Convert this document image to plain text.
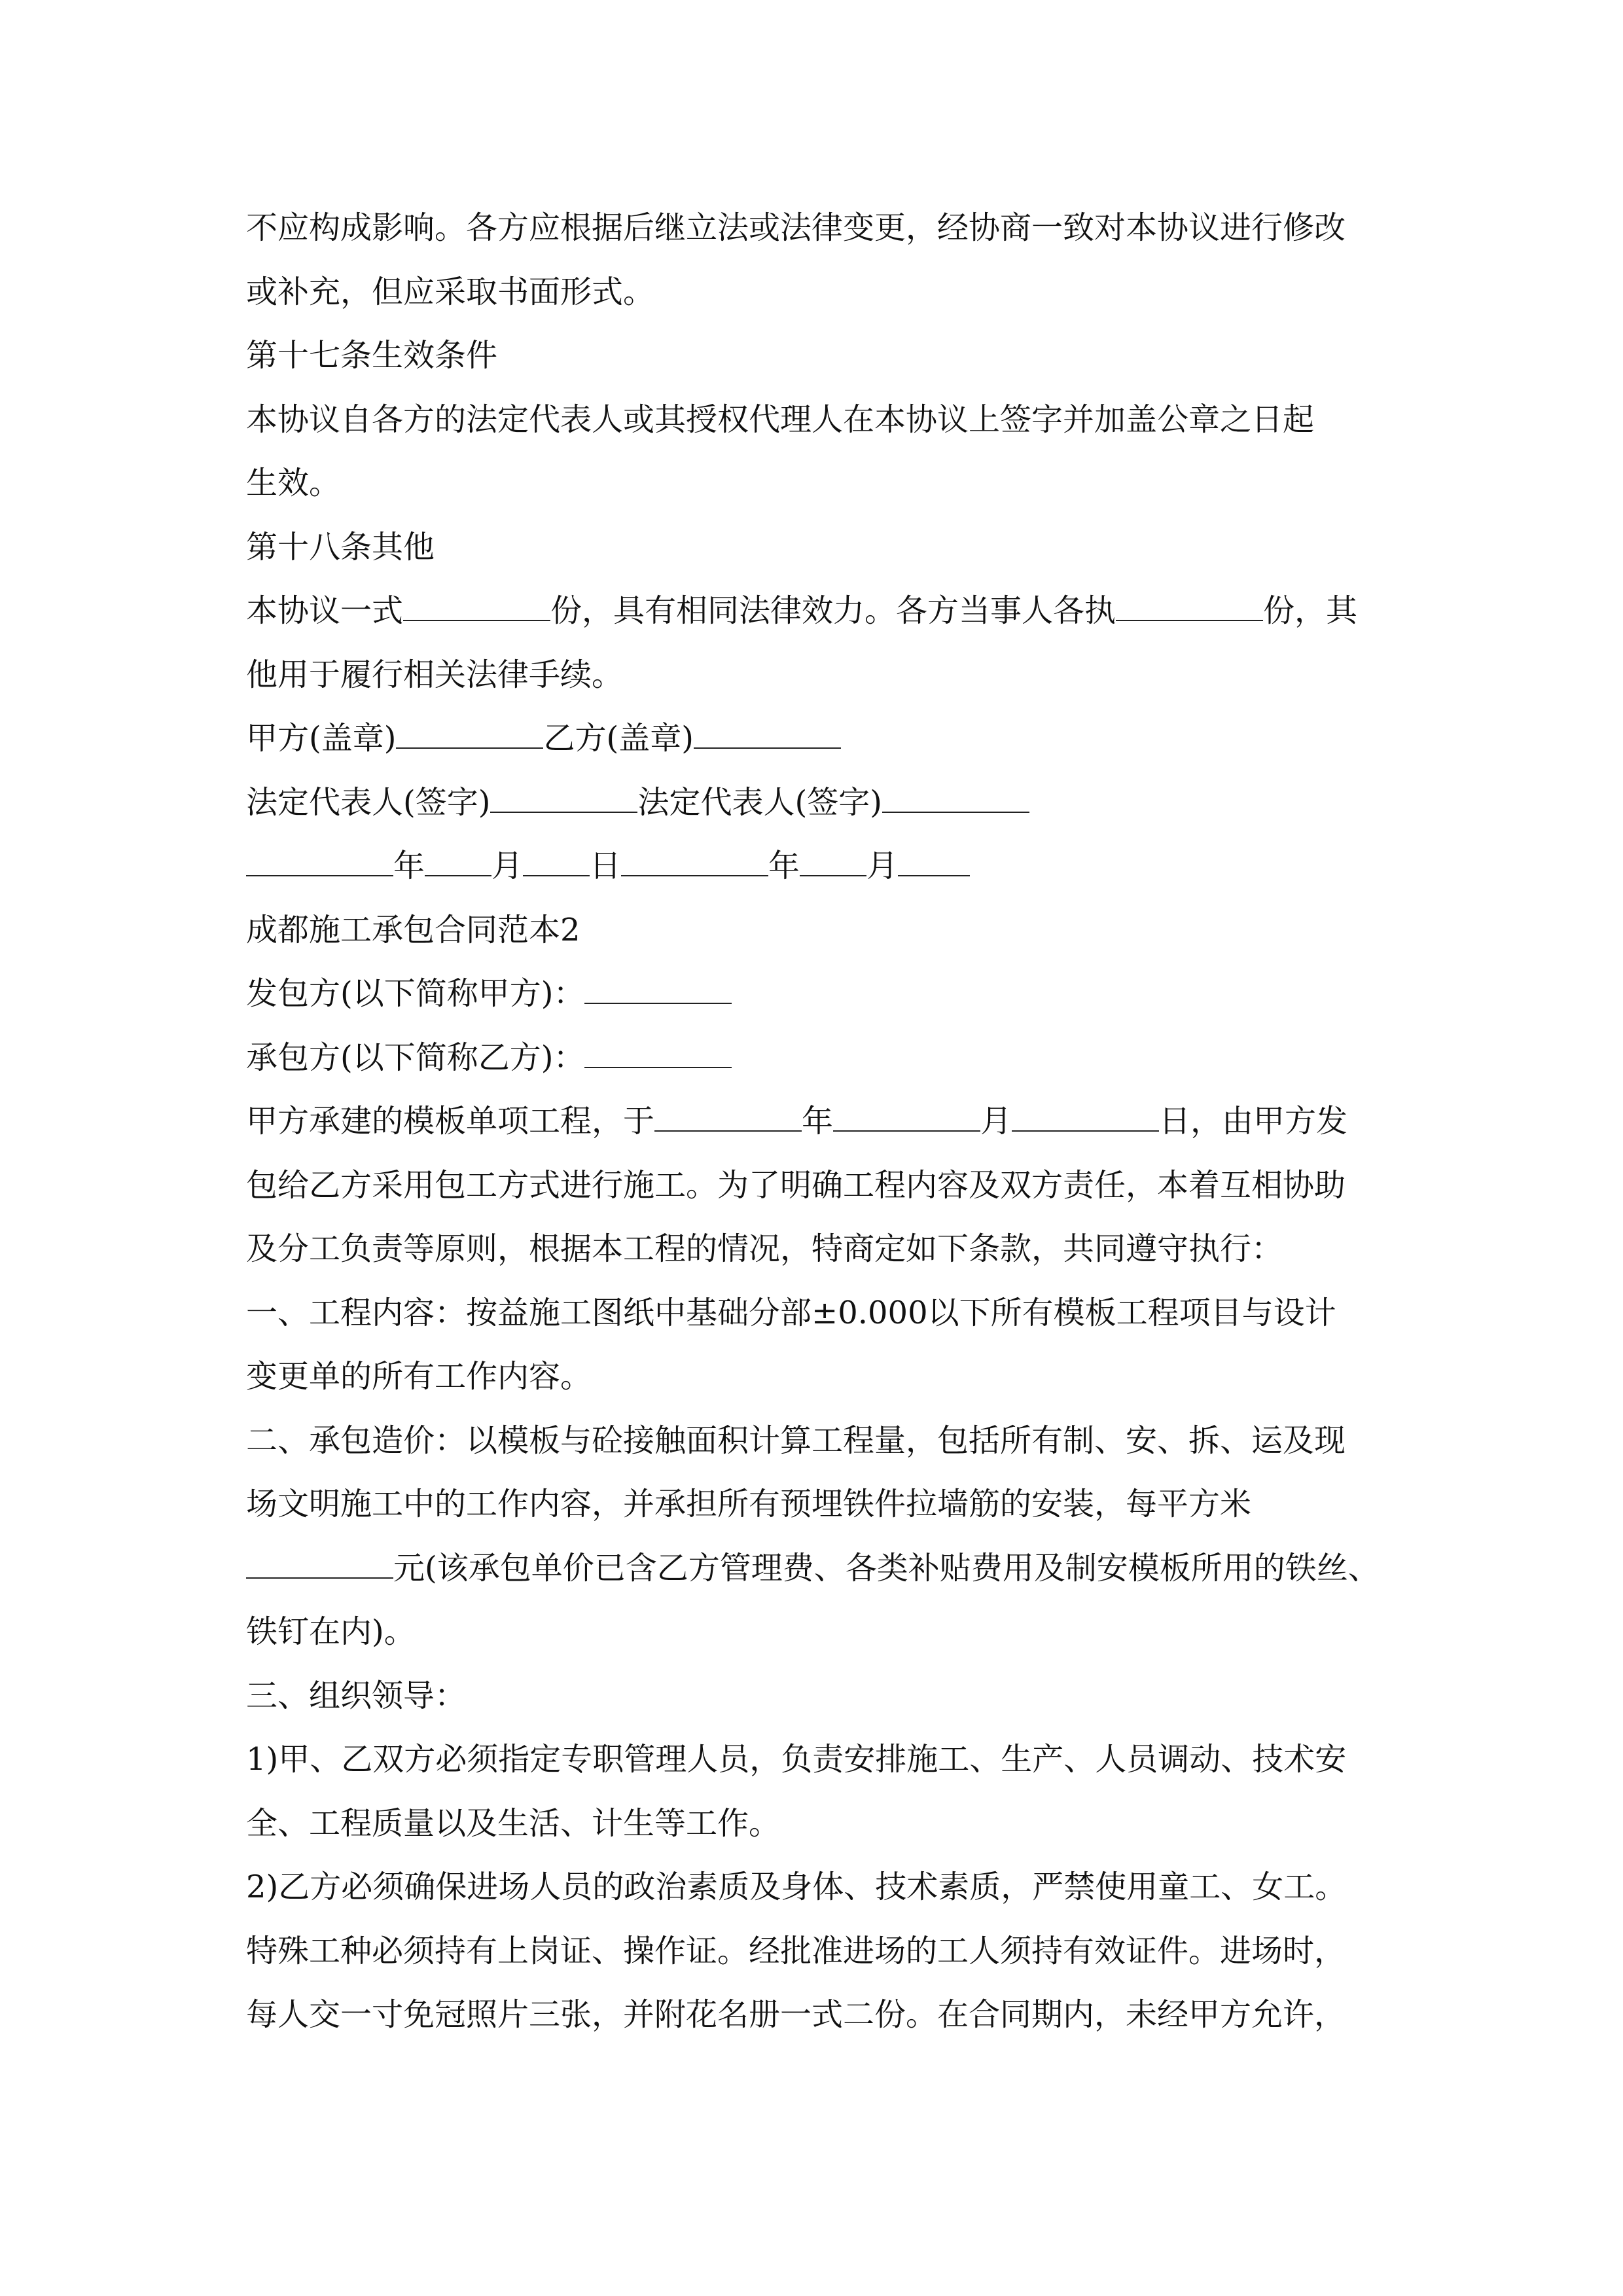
不应构成影响。各方应根据后继立法或法律变更，经协商一致对本协议进行修改
或补充，但应采取书面形式。
第十七条生效条件
本协议自各方的法定代表人或其授权代理人在本协议上签字并加盖公章之日起
生效。
第十八条其他
本协议一式	份，具有相同法律效力。各方当事人各执	份，其
他用于履行相关法律手续。
甲方(盖章)	乙方(盖章)
法定代表人(签字)	法定代表人(签字)
年 月 日	年 月
成都施工承包合同范本2
发包方(以下简称甲方)：
承包方(以下简称乙方)：
甲方承建的模板单项工程，于	年	月	日，由甲方发
包给乙方采用包工方式进行施工。为了明确工程内容及双方责任，本着互相协助
及分工负责等原则，根据本工程的情况，特商定如下条款，共同遵守执行：
一、工程内容：按益施工图纸中基础分部±0.000以下所有模板工程项目与设计
变更单的所有工作内容。
二、承包造价：以模板与砼接触面积计算工程量，包括所有制、安、拆、运及现
场文明施工中的工作内容，并承担所有预埋铁件拉墙筋的安装，每平方米
元(该承包单价已含乙方管理费、各类补贴费用及制安模板所用的铁丝、
铁钉在内)。
三、组织领导：
1)甲、乙双方必须指定专职管理人员，负责安排施工、生产、人员调动、技术安
全、工程质量以及生活、计生等工作。
2)乙方必须确保进场人员的政治素质及身体、技术素质，严禁使用童工、女工。
特殊工种必须持有上岗证、操作证。经批准进场的工人须持有效证件。进场时，
每人交一寸免冠照片三张，并附花名册一式二份。在合同期内，未经甲方允许，
